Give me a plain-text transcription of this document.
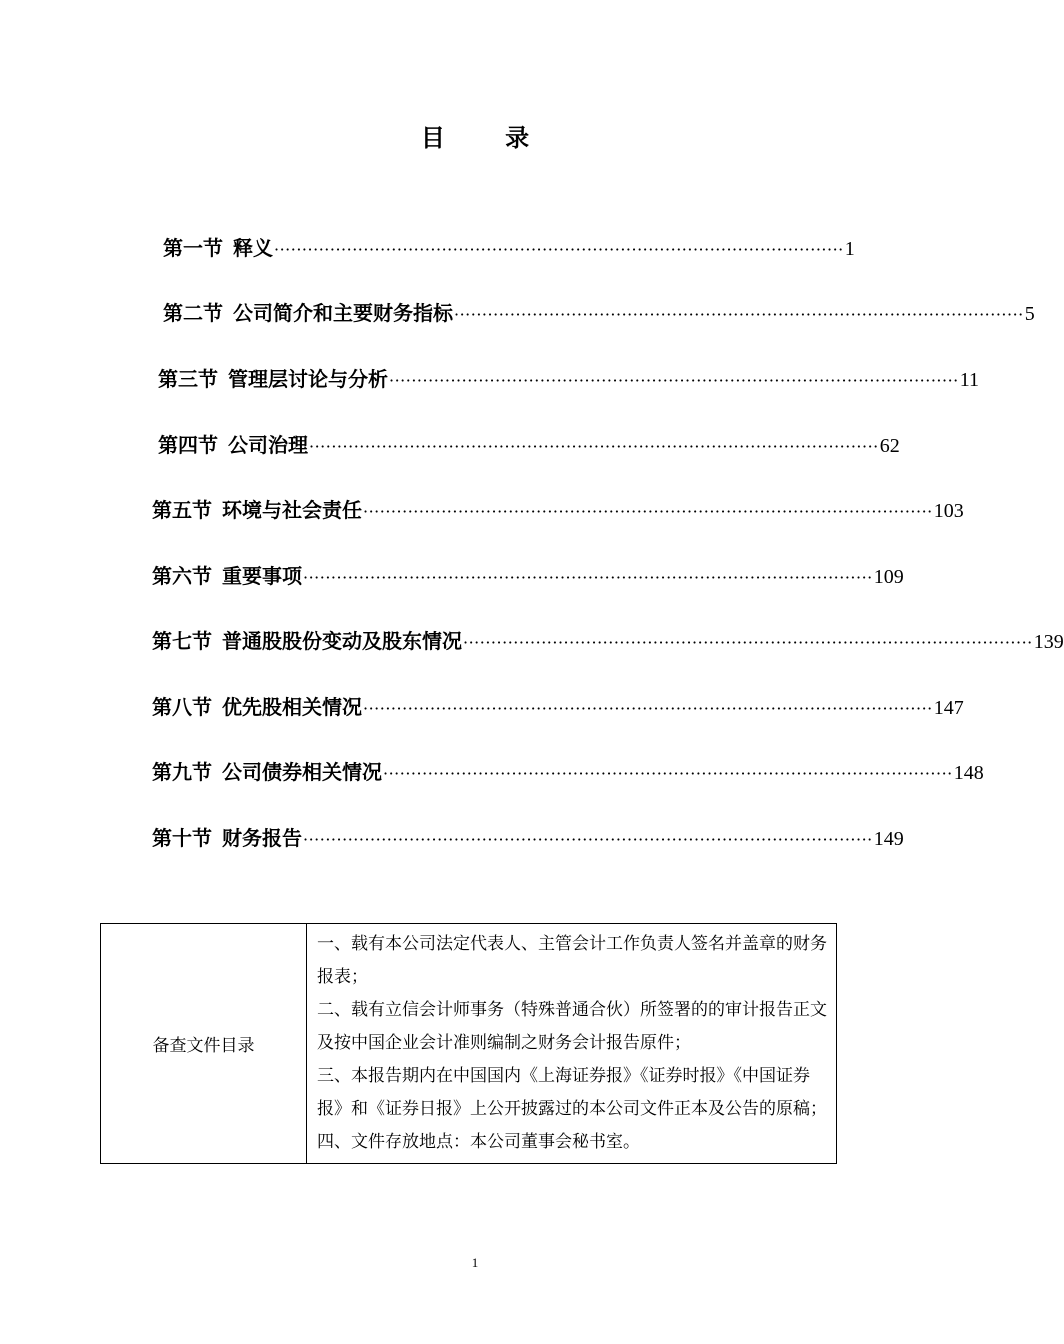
目 录
第一节 释义 ······································································································ 1
第二节 公司简介和主要财务指标 ······································································································ 5
第三节 管理层讨论与分析 ······································································································ 11
第四节 公司治理 ······································································································ 62
第五节 环境与社会责任 ······································································································ 103
第六节 重要事项 ······································································································ 109
第七节 普通股股份变动及股东情况 ······································································································ 139
第八节 优先股相关情况 ······································································································ 147
第九节 公司债券相关情况 ······································································································ 148
第十节 财务报告 ······································································································ 149
备查文件目录	
一、载有本公司法定代表人、主管会计工作负责人签名并盖章的财务报表；
二、载有立信会计师事务（特殊普通合伙）所签署的的审计报告正文及按中国企业会计准则编制之财务会计报告原件；
三、本报告期内在中国国内《上海证券报》《证券时报》《中国证券报》和《证券日报》上公开披露过的本公司文件正本及公告的原稿；
四、文件存放地点：本公司董事会秘书室。
1
